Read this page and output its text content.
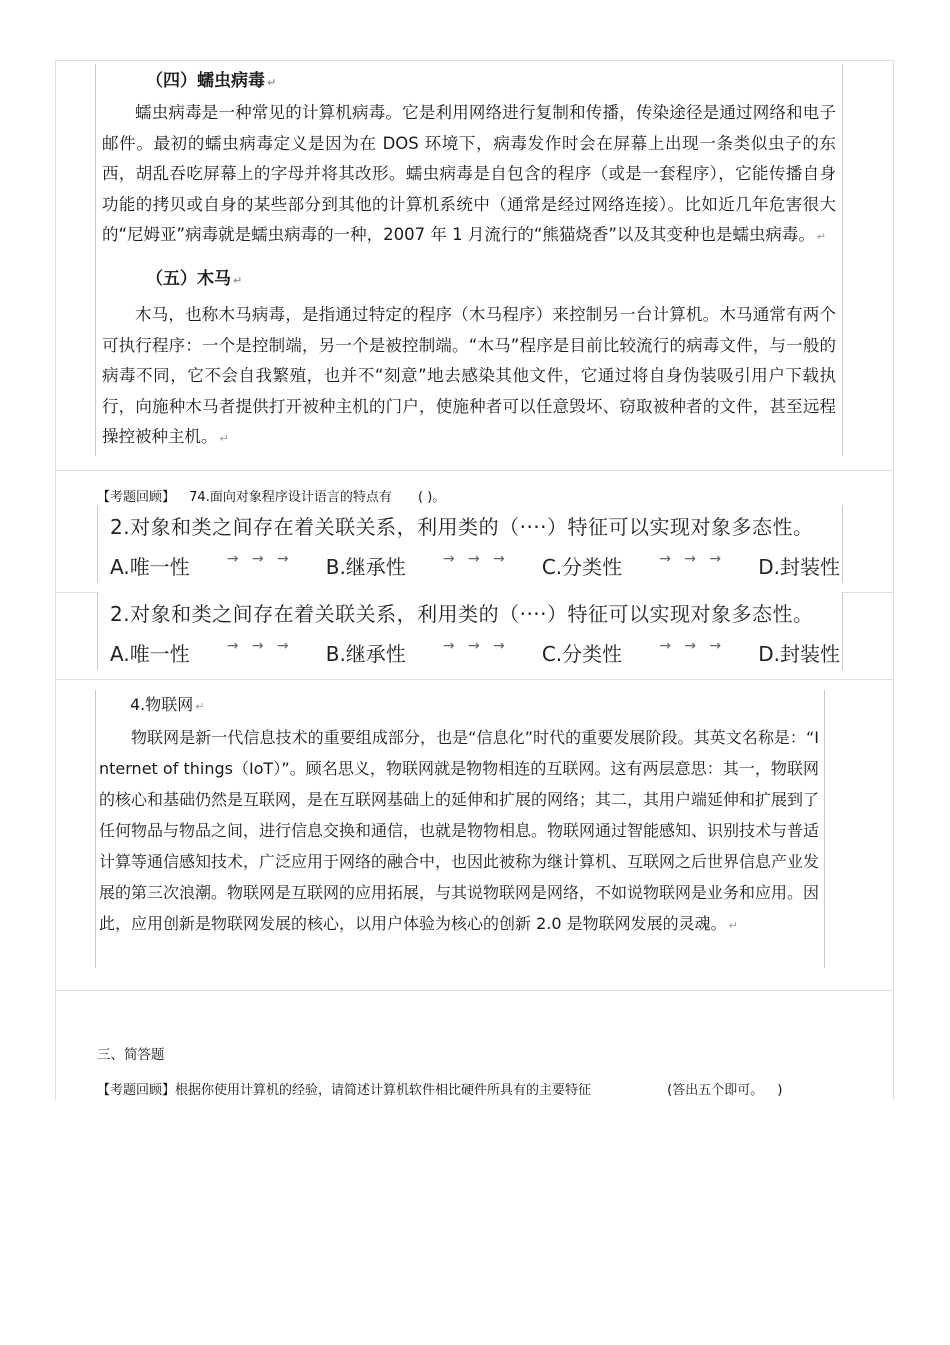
（四）蠕虫病毒 ↵
蠕虫病毒是一种常见的计算机病毒。它是利用网络进行复制和传播，传染途径是通过网络和电子邮件。最初的蠕虫病毒定义是因为在 DOS 环境下，病毒发作时会在屏幕上出现一条类似虫子的东西，胡乱吞吃屏幕上的字母并将其改形。蠕虫病毒是自包含的程序（或是一套程序），它能传播自身功能的拷贝或自身的某些部分到其他的计算机系统中（通常是经过网络连接）。比如近几年危害很大的“尼姆亚”病毒就是蠕虫病毒的一种，2007 年 1 月流行的“熊猫烧香”以及其变种也是蠕虫病毒。 ↵
（五）木马 ↵
木马，也称木马病毒，是指通过特定的程序（木马程序）来控制另一台计算机。木马通常有两个可执行程序：一个是控制端，另一个是被控制端。“木马”程序是目前比较流行的病毒文件，与一般的病毒不同，它不会自我繁殖，也并不“刻意”地去感染其他文件，它通过将自身伪装吸引用户下载执行，向施种木马者提供打开被种主机的门户，使施种者可以任意毁坏、窃取被种者的文件，甚至远程操控被种主机。 ↵
【考题回顾】 74.面向对象程序设计语言的特点有 ( )。
2.对象和类之间存在着关联关系，利用类的（····）特征可以实现对象多态性。
A.唯一性	→   →   → B.继承性	→   →   → C.分类性	→   →   → D.封装性
2.对象和类之间存在着关联关系，利用类的（····）特征可以实现对象多态性。
A.唯一性	→   →   → B.继承性	→   →   → C.分类性	→   →   → D.封装性
4.物联网 ↵
物联网是新一代信息技术的重要组成部分，也是“信息化”时代的重要发展阶段。其英文名称是：“Internet of things（IoT）”。顾名思义，物联网就是物物相连的互联网。这有两层意思：其一，物联网的核心和基础仍然是互联网，是在互联网基础上的延伸和扩展的网络；其二，其用户端延伸和扩展到了任何物品与物品之间，进行信息交换和通信，也就是物物相息。物联网通过智能感知、识别技术与普适计算等通信感知技术，广泛应用于网络的融合中，也因此被称为继计算机、互联网之后世界信息产业发展的第三次浪潮。物联网是互联网的应用拓展，与其说物联网是网络，不如说物联网是业务和应用。因此，应用创新是物联网发展的核心，以用户体验为核心的创新 2.0 是物联网发展的灵魂。 ↵
三、简答题
【考题回顾】根据你使用计算机的经验，请简述计算机软件相比硬件所具有的主要特征	(答出五个即可。 )
